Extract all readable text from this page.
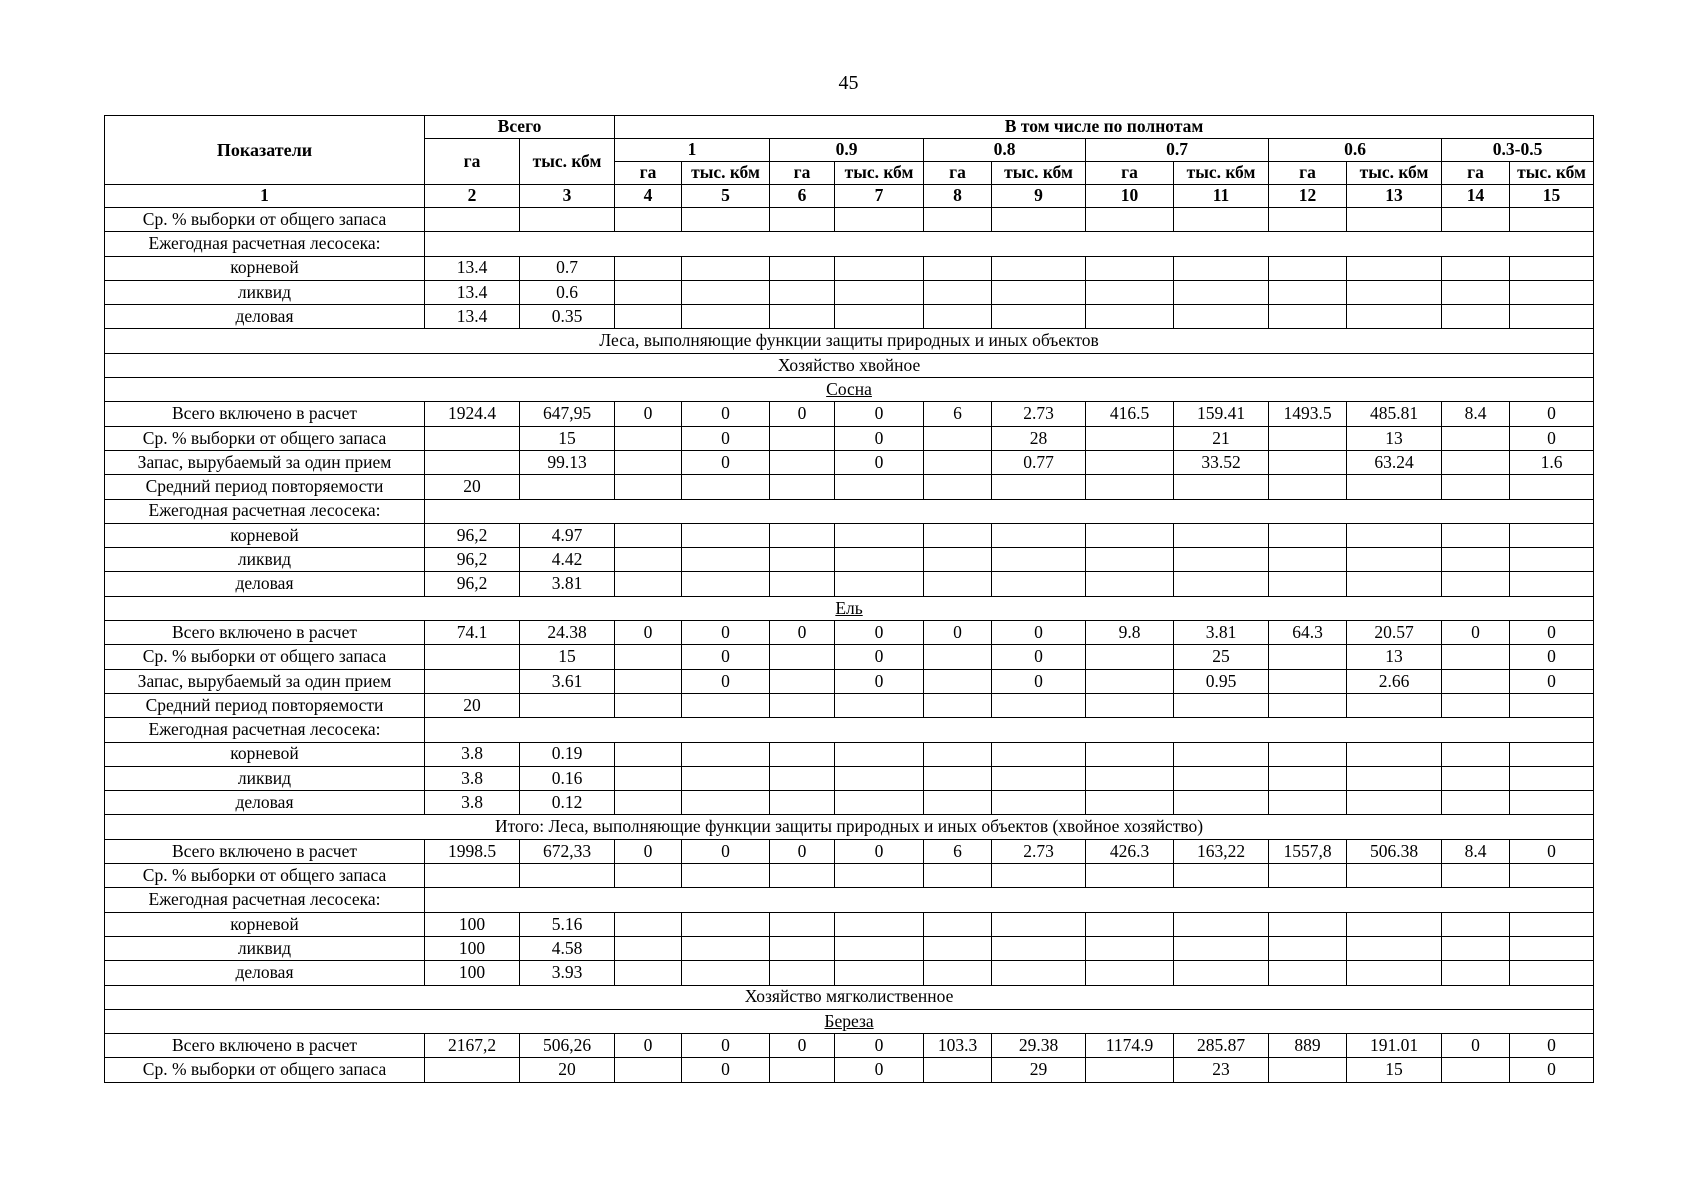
45
Показатели	Всего		В том числе по полнотам											
	га	тыс. кбм	1		0.9		0.8		0.7		0.6		0.3-0.5	
			га	тыс. кбм	га	тыс. кбм	га	тыс. кбм	га	тыс. кбм	га	тыс. кбм	га	тыс. кбм
1	2	3	4	5	6	7	8	9	10	11	12	13	14	15
Ср. % выборки от общего запаса														
Ежегодная расчетная лесосека:														
корневой	13.4	0.7												
ликвид	13.4	0.6												
деловая	13.4	0.35												
Леса, выполняющие функции защиты природных и иных объектов														
Хозяйство хвойное														
Сосна														
Всего включено в расчет	1924.4	647,95	0	0	0	0	6	2.73	416.5	159.41	1493.5	485.81	8.4	0
Ср. % выборки от общего запаса		15		0		0		28		21		13		0
Запас, вырубаемый за один прием		99.13		0		0		0.77		33.52		63.24		1.6
Средний период повторяемости	20													
Ежегодная расчетная лесосека:														
корневой	96,2	4.97												
ликвид	96,2	4.42												
деловая	96,2	3.81												
Ель														
Всего включено в расчет	74.1	24.38	0	0	0	0	0	0	9.8	3.81	64.3	20.57	0	0
Ср. % выборки от общего запаса		15		0		0		0		25		13		0
Запас, вырубаемый за один прием		3.61		0		0		0		0.95		2.66		0
Средний период повторяемости	20													
Ежегодная расчетная лесосека:														
корневой	3.8	0.19												
ликвид	3.8	0.16												
деловая	3.8	0.12												
Итого: Леса, выполняющие функции защиты природных и иных объектов (хвойное хозяйство)														
Всего включено в расчет	1998.5	672,33	0	0	0	0	6	2.73	426.3	163,22	1557,8	506.38	8.4	0
Ср. % выборки от общего запаса														
Ежегодная расчетная лесосека:														
корневой	100	5.16												
ликвид	100	4.58												
деловая	100	3.93												
Хозяйство мягколиственное														
Береза														
Всего включено в расчет	2167,2	506,26	0	0	0	0	103.3	29.38	1174.9	285.87	889	191.01	0	0
Ср. % выборки от общего запаса		20		0		0		29		23		15		0
